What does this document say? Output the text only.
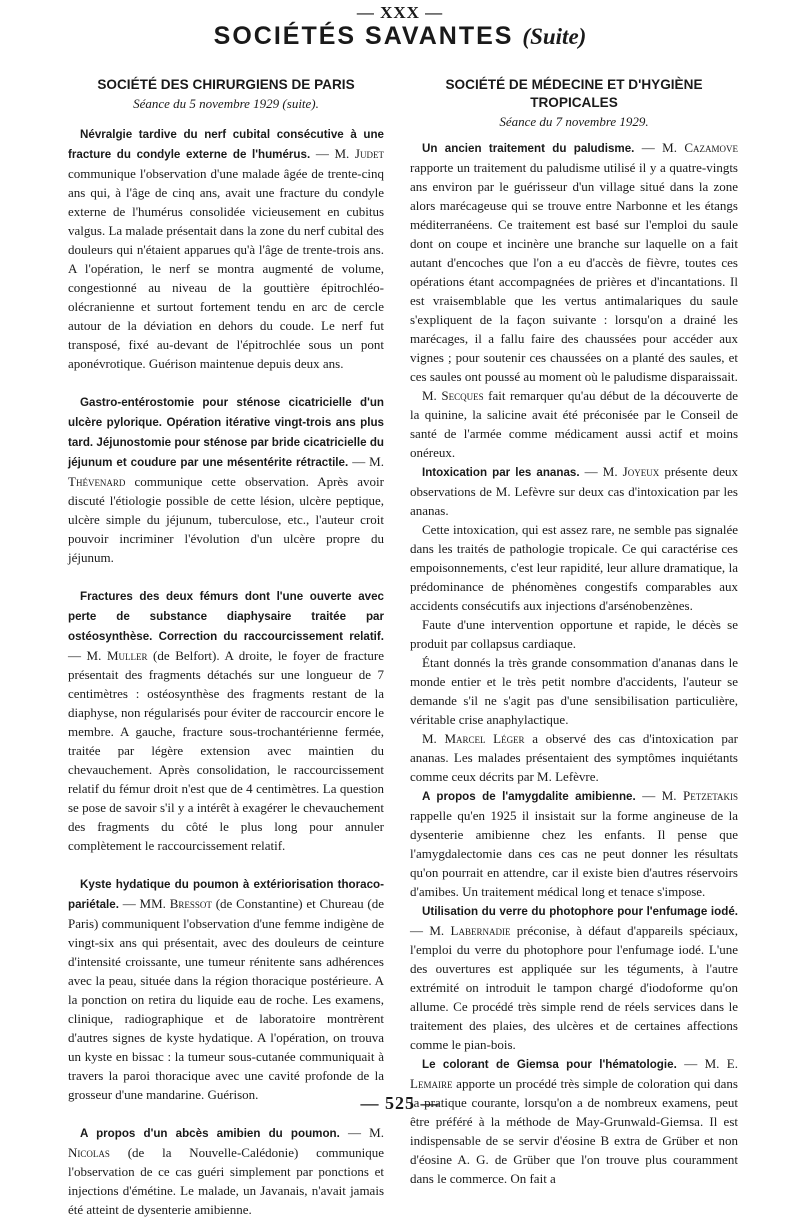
— XXX —
SOCIÉTÉS SAVANTES (Suite)

SOCIÉTÉ DES CHIRURGIENS DE PARIS

Séance du 5 novembre 1929 (suite).

Névralgie tardive du nerf cubital consécutive à une fracture du condyle externe de l'humérus. — M. Judet communique l'observation d'une malade âgée de trente-cinq ans qui, à l'âge de cinq ans, avait une fracture du condyle externe de l'humérus consolidée vicieusement en cubitus valgus. La malade présentait dans la zone du nerf cubital des douleurs qui n'étaient apparues qu'à l'âge de trente-trois ans. A l'opération, le nerf se montra augmenté de volume, congestionné au niveau de la gouttière épitrochléo-olécranienne et surtout fortement tendu en arc de cercle autour de la déviation en dehors du coude. Le nerf fut transposé, fixé au-devant de l'épitrochlée sous un pont aponévrotique. Guérison maintenue depuis deux ans.

Gastro-entérostomie pour sténose cicatricielle d'un ulcère pylorique. Opération itérative vingt-trois ans plus tard. Jéjunostomie pour sténose par bride cicatricielle du jéjunum et coudure par une mésentérite rétractile. — M. Thévenard communique cette observation. Après avoir discuté l'étiologie possible de cette lésion, ulcère peptique, ulcère simple du jéjunum, tuberculose, etc., l'auteur croit pouvoir incriminer l'évolution d'un ulcère propre du jéjunum.

Fractures des deux fémurs dont l'une ouverte avec perte de substance diaphysaire traitée par ostéosynthèse. Correction du raccourcissement relatif. — M. Muller (de Belfort). A droite, le foyer de fracture présentait des fragments détachés sur une longueur de 7 centimètres : ostéosynthèse des fragments restant de la diaphyse, non régularisés pour éviter de raccourcir encore le membre. A gauche, fracture sous-trochantérienne fermée, traitée par légère extension avec maintien du chevauchement. Après consolidation, le raccourcissement relatif du fémur droit n'est que de 4 centimètres. La question se pose de savoir s'il y a intérêt à exagérer le chevauchement des fragments du côté le plus long pour annuler complètement le raccourcissement relatif.

Kyste hydatique du poumon à extériorisation thoraco-pariétale. — MM. Bressot (de Constantine) et Chureau (de Paris) communiquent l'observation d'une femme indigène de vingt-six ans qui présentait, avec des douleurs de ceinture d'intensité croissante, une tumeur rénitente sans adhérences avec la peau, située dans la région thoracique postérieure. A la ponction on retira du liquide eau de roche. Les examens, clinique, radiographique et de laboratoire montrèrent d'autres signes de kyste hydatique. A l'opération, on trouva un kyste en bissac : la tumeur sous-cutanée communiquait à travers la paroi thoracique avec une cavité profonde de la grosseur d'une mandarine. Guérison.

A propos d'un abcès amibien du poumon. — M. Nicolas (de la Nouvelle-Calédonie) communique l'observation de ce cas guéri simplement par ponctions et injections d'émétine. Le malade, un Javanais, n'avait jamais été atteint de dysenterie amibienne.

SOCIÉTÉ DE MÉDECINE ET D'HYGIÈNE
TROPICALES

Séance du 7 novembre 1929.

Un ancien traitement du paludisme. — M. Cazamove rapporte un traitement du paludisme utilisé il y a quatre-vingts ans environ par le guérisseur d'un village situé dans la zone alors marécageuse qui se trouve entre Narbonne et les étangs méditerranéens. Ce traitement est basé sur l'emploi du saule dont on coupe et incinère une branche sur laquelle on a fait autant d'encoches que l'on a eu d'accès de fièvre, toutes ces opérations étant accompagnées de prières et d'incantations. Il est vraisemblable que les vertus antimalariques du saule s'expliquent de la façon suivante : lorsqu'on a drainé les marécages, il a fallu faire des chaussées pour accéder aux vignes ; pour soutenir ces chaussées on a planté des saules, et ces saules ont poussé au moment où le paludisme disparaissait.

M. Secques fait remarquer qu'au début de la découverte de la quinine, la salicine avait été préconisée par le Conseil de santé de l'armée comme médicament aussi actif et moins onéreux.

Intoxication par les ananas. — M. Joyeux présente deux observations de M. Lefèvre sur deux cas d'intoxication par les ananas.

Cette intoxication, qui est assez rare, ne semble pas signalée dans les traités de pathologie tropicale. Ce qui caractérise ces empoisonnements, c'est leur rapidité, leur allure dramatique, la prédominance de phénomènes congestifs comparables aux accidents consécutifs aux injections d'arsénobenzènes.

Faute d'une intervention opportune et rapide, le décès se produit par collapsus cardiaque.

Étant donnés la très grande consommation d'ananas dans le monde entier et le très petit nombre d'accidents, l'auteur se demande s'il ne s'agit pas d'une sensibilisation particulière, véritable crise anaphylactique.

M. Marcel Léger a observé des cas d'intoxication par ananas. Les malades présentaient des symptômes inquiétants comme ceux décrits par M. Lefèvre.

A propos de l'amygdalite amibienne. — M. Petzetakis rappelle qu'en 1925 il insistait sur la forme angineuse de la dysenterie amibienne chez les enfants. Il pense que l'amygdalectomie dans ces cas ne peut donner les résultats qu'on pourrait en attendre, car il existe bien d'autres réservoirs d'amibes. Un traitement médical long et tenace s'impose.

Utilisation du verre du photophore pour l'enfumage iodé. — M. Labernadie préconise, à défaut d'appareils spéciaux, l'emploi du verre du photophore pour l'enfumage iodé. L'une des ouvertures est appliquée sur les téguments, à l'autre extrémité on introduit le tampon chargé d'iodoforme qu'on allume. Ce procédé très simple rend de réels services dans le traitement des plaies, des ulcères et de certaines affections comme le pian-bois.

Le colorant de Giemsa pour l'hématologie. — M. E. Lemaire apporte un procédé très simple de coloration qui dans la pratique courante, lorsqu'on a de nombreux examens, peut être préféré à la méthode de May-Grunwald-Giemsa. Il est indispensable de se servir d'éosine B extra de Grüber et non d'éosine A. G. de Grüber que l'on trouve plus couramment dans le commerce. On fait a

— 525 —
